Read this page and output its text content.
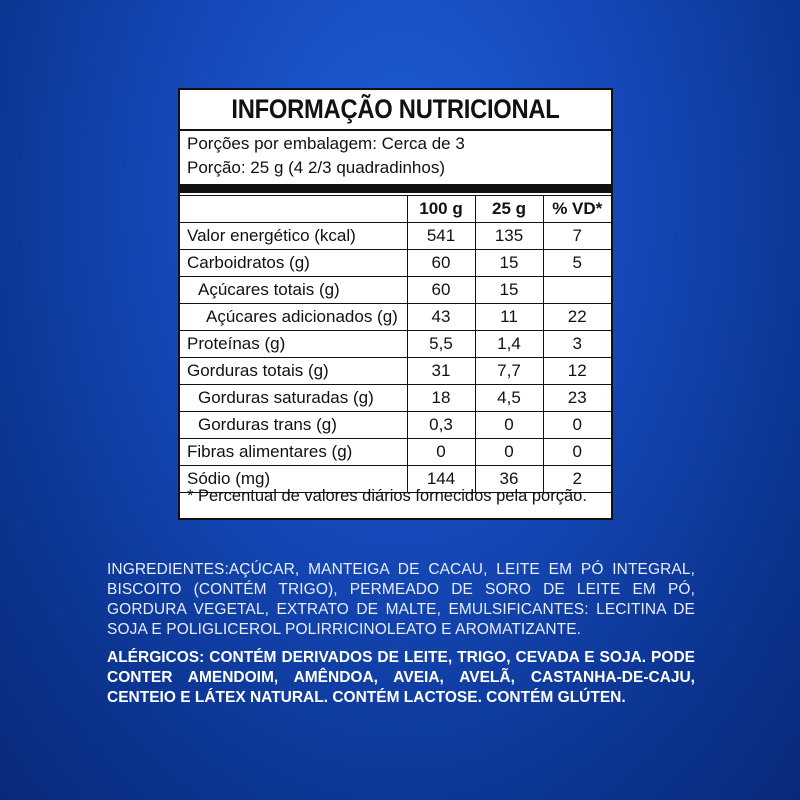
INFORMAÇÃO NUTRICIONAL
Porções por embalagem: Cerca de 3
Porção: 25 g (4 2/3 quadradinhos)
	100 g	25 g	% VD*
Valor energético (kcal)	541	135	7
Carboidratos (g)	60	15	5
Açúcares totais (g)	60	15	
Açúcares adicionados (g)	43	11	22
Proteínas (g)	5,5	1,4	3
Gorduras totais (g)	31	7,7	12
Gorduras saturadas (g)	18	4,5	23
Gorduras trans (g)	0,3	0	0
Fibras alimentares (g)	0	0	0
Sódio (mg)	144	36	2
* Percentual de valores diários fornecidos pela porção.
INGREDIENTES:AÇÚCAR, MANTEIGA DE CACAU, LEITE EM PÓ INTEGRAL, BISCOITO (CONTÉM TRIGO), PERMEADO DE SORO DE LEITE EM PÓ, GORDURA VEGETAL, EXTRATO DE MALTE, EMULSIFICANTES: LECITINA DE SOJA E POLIGLICEROL POLIRRICINOLEATO E AROMATIZANTE.
ALÉRGICOS: CONTÉM DERIVADOS DE LEITE, TRIGO, CEVADA E SOJA. PODE CONTER AMENDOIM, AMÊNDOA, AVEIA, AVELÃ, CASTANHA-DE-CAJU, CENTEIO E LÁTEX NATURAL. CONTÉM LACTOSE. CONTÉM GLÚTEN.
